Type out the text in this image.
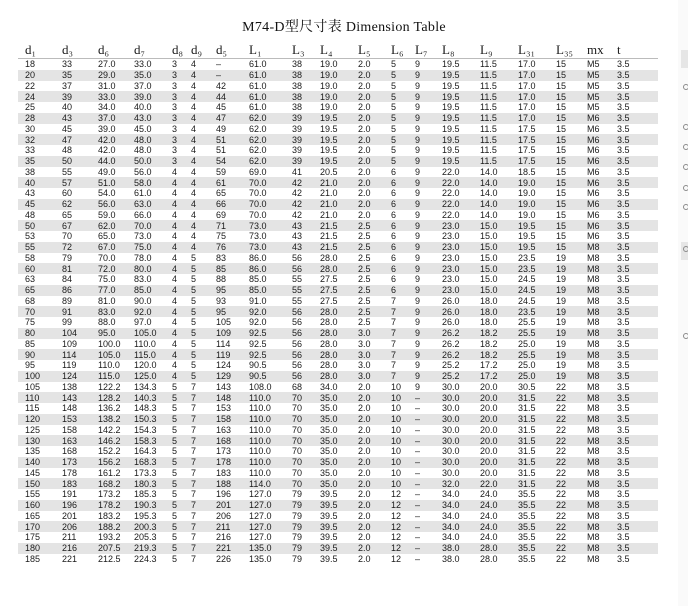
M74-D型尺寸表 Dimension Table
d₁	d₃	d₆	d₇	d₈	d₉	d₅	L₁	L₃	L₄	L₅	L₆	L₇	L₈	L₉	L₃₁	L₃₅	mx	t
18	33	27.0	33.0	3	4	–	61.0	38	19.0	2.0	5	9	19.5	11.5	17.0	15	M5	3.5
20	35	29.0	35.0	3	4	–	61.0	38	19.0	2.0	5	9	19.5	11.5	17.0	15	M5	3.5
22	37	31.0	37.0	3	4	42	61.0	38	19.0	2.0	5	9	19.5	11.5	17.0	15	M5	3.5
24	39	33.0	39.0	3	4	44	61.0	38	19.0	2.0	5	9	19.5	11.5	17.0	15	M5	3.5
25	40	34.0	40.0	3	4	45	61.0	38	19.0	2.0	5	9	19.5	11.5	17.0	15	M5	3.5
28	43	37.0	43.0	3	4	47	62.0	39	19.5	2.0	5	9	19.5	11.5	17.0	15	M6	3.5
30	45	39.0	45.0	3	4	49	62.0	39	19.5	2.0	5	9	19.5	11.5	17.5	15	M6	3.5
32	47	42.0	48.0	3	4	51	62.0	39	19.5	2.0	5	9	19.5	11.5	17.5	15	M6	3.5
33	48	42.0	48.0	3	4	51	62.0	39	19.5	2.0	5	9	19.5	11.5	17.5	15	M6	3.5
35	50	44.0	50.0	3	4	54	62.0	39	19.5	2.0	5	9	19.5	11.5	17.5	15	M6	3.5
38	55	49.0	56.0	4	4	59	69.0	41	20.5	2.0	6	9	22.0	14.0	18.5	15	M6	3.5
40	57	51.0	58.0	4	4	61	70.0	42	21.0	2.0	6	9	22.0	14.0	19.0	15	M6	3.5
43	60	54.0	61.0	4	4	65	70.0	42	21.0	2.0	6	9	22.0	14.0	19.0	15	M6	3.5
45	62	56.0	63.0	4	4	66	70.0	42	21.0	2.0	6	9	22.0	14.0	19.0	15	M6	3.5
48	65	59.0	66.0	4	4	69	70.0	42	21.0	2.0	6	9	22.0	14.0	19.0	15	M6	3.5
50	67	62.0	70.0	4	4	71	73.0	43	21.5	2.5	6	9	23.0	15.0	19.5	15	M6	3.5
53	70	65.0	73.0	4	4	75	73.0	43	21.5	2.5	6	9	23.0	15.0	19.5	15	M6	3.5
55	72	67.0	75.0	4	4	76	73.0	43	21.5	2.5	6	9	23.0	15.0	19.5	15	M8	3.5
58	79	70.0	78.0	4	5	83	86.0	56	28.0	2.5	6	9	23.0	15.0	23.5	19	M8	3.5
60	81	72.0	80.0	4	5	85	86.0	56	28.0	2.5	6	9	23.0	15.0	23.5	19	M8	3.5
63	84	75.0	83.0	4	5	88	85.0	55	27.5	2.5	6	9	23.0	15.0	24.5	19	M8	3.5
65	86	77.0	85.0	4	5	95	85.0	55	27.5	2.5	6	9	23.0	15.0	24.5	19	M8	3.5
68	89	81.0	90.0	4	5	93	91.0	55	27.5	2.5	7	9	26.0	18.0	24.5	19	M8	3.5
70	91	83.0	92.0	4	5	95	92.0	56	28.0	2.5	7	9	26.0	18.0	23.5	19	M8	3.5
75	99	88.0	97.0	4	5	105	92.0	56	28.0	2.5	7	9	26.0	18.0	25.5	19	M8	3.5
80	104	95.0	105.0	4	5	109	92.5	56	28.0	3.0	7	9	26.2	18.2	25.5	19	M8	3.5
85	109	100.0	110.0	4	5	114	92.5	56	28.0	3.0	7	9	26.2	18.2	25.0	19	M8	3.5
90	114	105.0	115.0	4	5	119	92.5	56	28.0	3.0	7	9	26.2	18.2	25.5	19	M8	3.5
95	119	110.0	120.0	4	5	124	90.5	56	28.0	3.0	7	9	25.2	17.2	25.0	19	M8	3.5
100	124	115.0	125.0	4	5	129	90.5	56	28.0	3.0	7	9	25.2	17.2	25.0	19	M8	3.5
105	138	122.2	134.3	5	7	143	108.0	68	34.0	2.0	10	9	30.0	20.0	30.5	22	M8	3.5
110	143	128.2	140.3	5	7	148	110.0	70	35.0	2.0	10	–	30.0	20.0	31.5	22	M8	3.5
115	148	136.2	148.3	5	7	153	110.0	70	35.0	2.0	10	–	30.0	20.0	31.5	22	M8	3.5
120	153	138.2	150.3	5	7	158	110.0	70	35.0	2.0	10	–	30.0	20.0	31.5	22	M8	3.5
125	158	142.2	154.3	5	7	163	110.0	70	35.0	2.0	10	–	30.0	20.0	31.5	22	M8	3.5
130	163	146.2	158.3	5	7	168	110.0	70	35.0	2.0	10	–	30.0	20.0	31.5	22	M8	3.5
135	168	152.2	164.3	5	7	173	110.0	70	35.0	2.0	10	–	30.0	20.0	31.5	22	M8	3.5
140	173	156.2	168.3	5	7	178	110.0	70	35.0	2.0	10	–	30.0	20.0	31.5	22	M8	3.5
145	178	161.2	173.3	5	7	183	110.0	70	35.0	2.0	10	–	30.0	20.0	31.5	22	M8	3.5
150	183	168.2	180.3	5	7	188	114.0	70	35.0	2.0	10	–	32.0	22.0	31.5	22	M8	3.5
155	191	173.2	185.3	5	7	196	127.0	79	39.5	2.0	12	–	34.0	24.0	35.5	22	M8	3.5
160	196	178.2	190.3	5	7	201	127.0	79	39.5	2.0	12	–	34.0	24.0	35.5	22	M8	3.5
165	201	183.2	195.3	5	7	206	127.0	79	39.5	2.0	12	–	34.0	24.0	35.5	22	M8	3.5
170	206	188.2	200.3	5	7	211	127.0	79	39.5	2.0	12	–	34.0	24.0	35.5	22	M8	3.5
175	211	193.2	205.3	5	7	216	127.0	79	39.5	2.0	12	–	34.0	24.0	35.5	22	M8	3.5
180	216	207.5	219.3	5	7	221	135.0	79	39.5	2.0	12	–	38.0	28.0	35.5	22	M8	3.5
185	221	212.5	224.3	5	7	226	135.0	79	39.5	2.0	12	–	38.0	28.0	35.5	22	M8	3.5
